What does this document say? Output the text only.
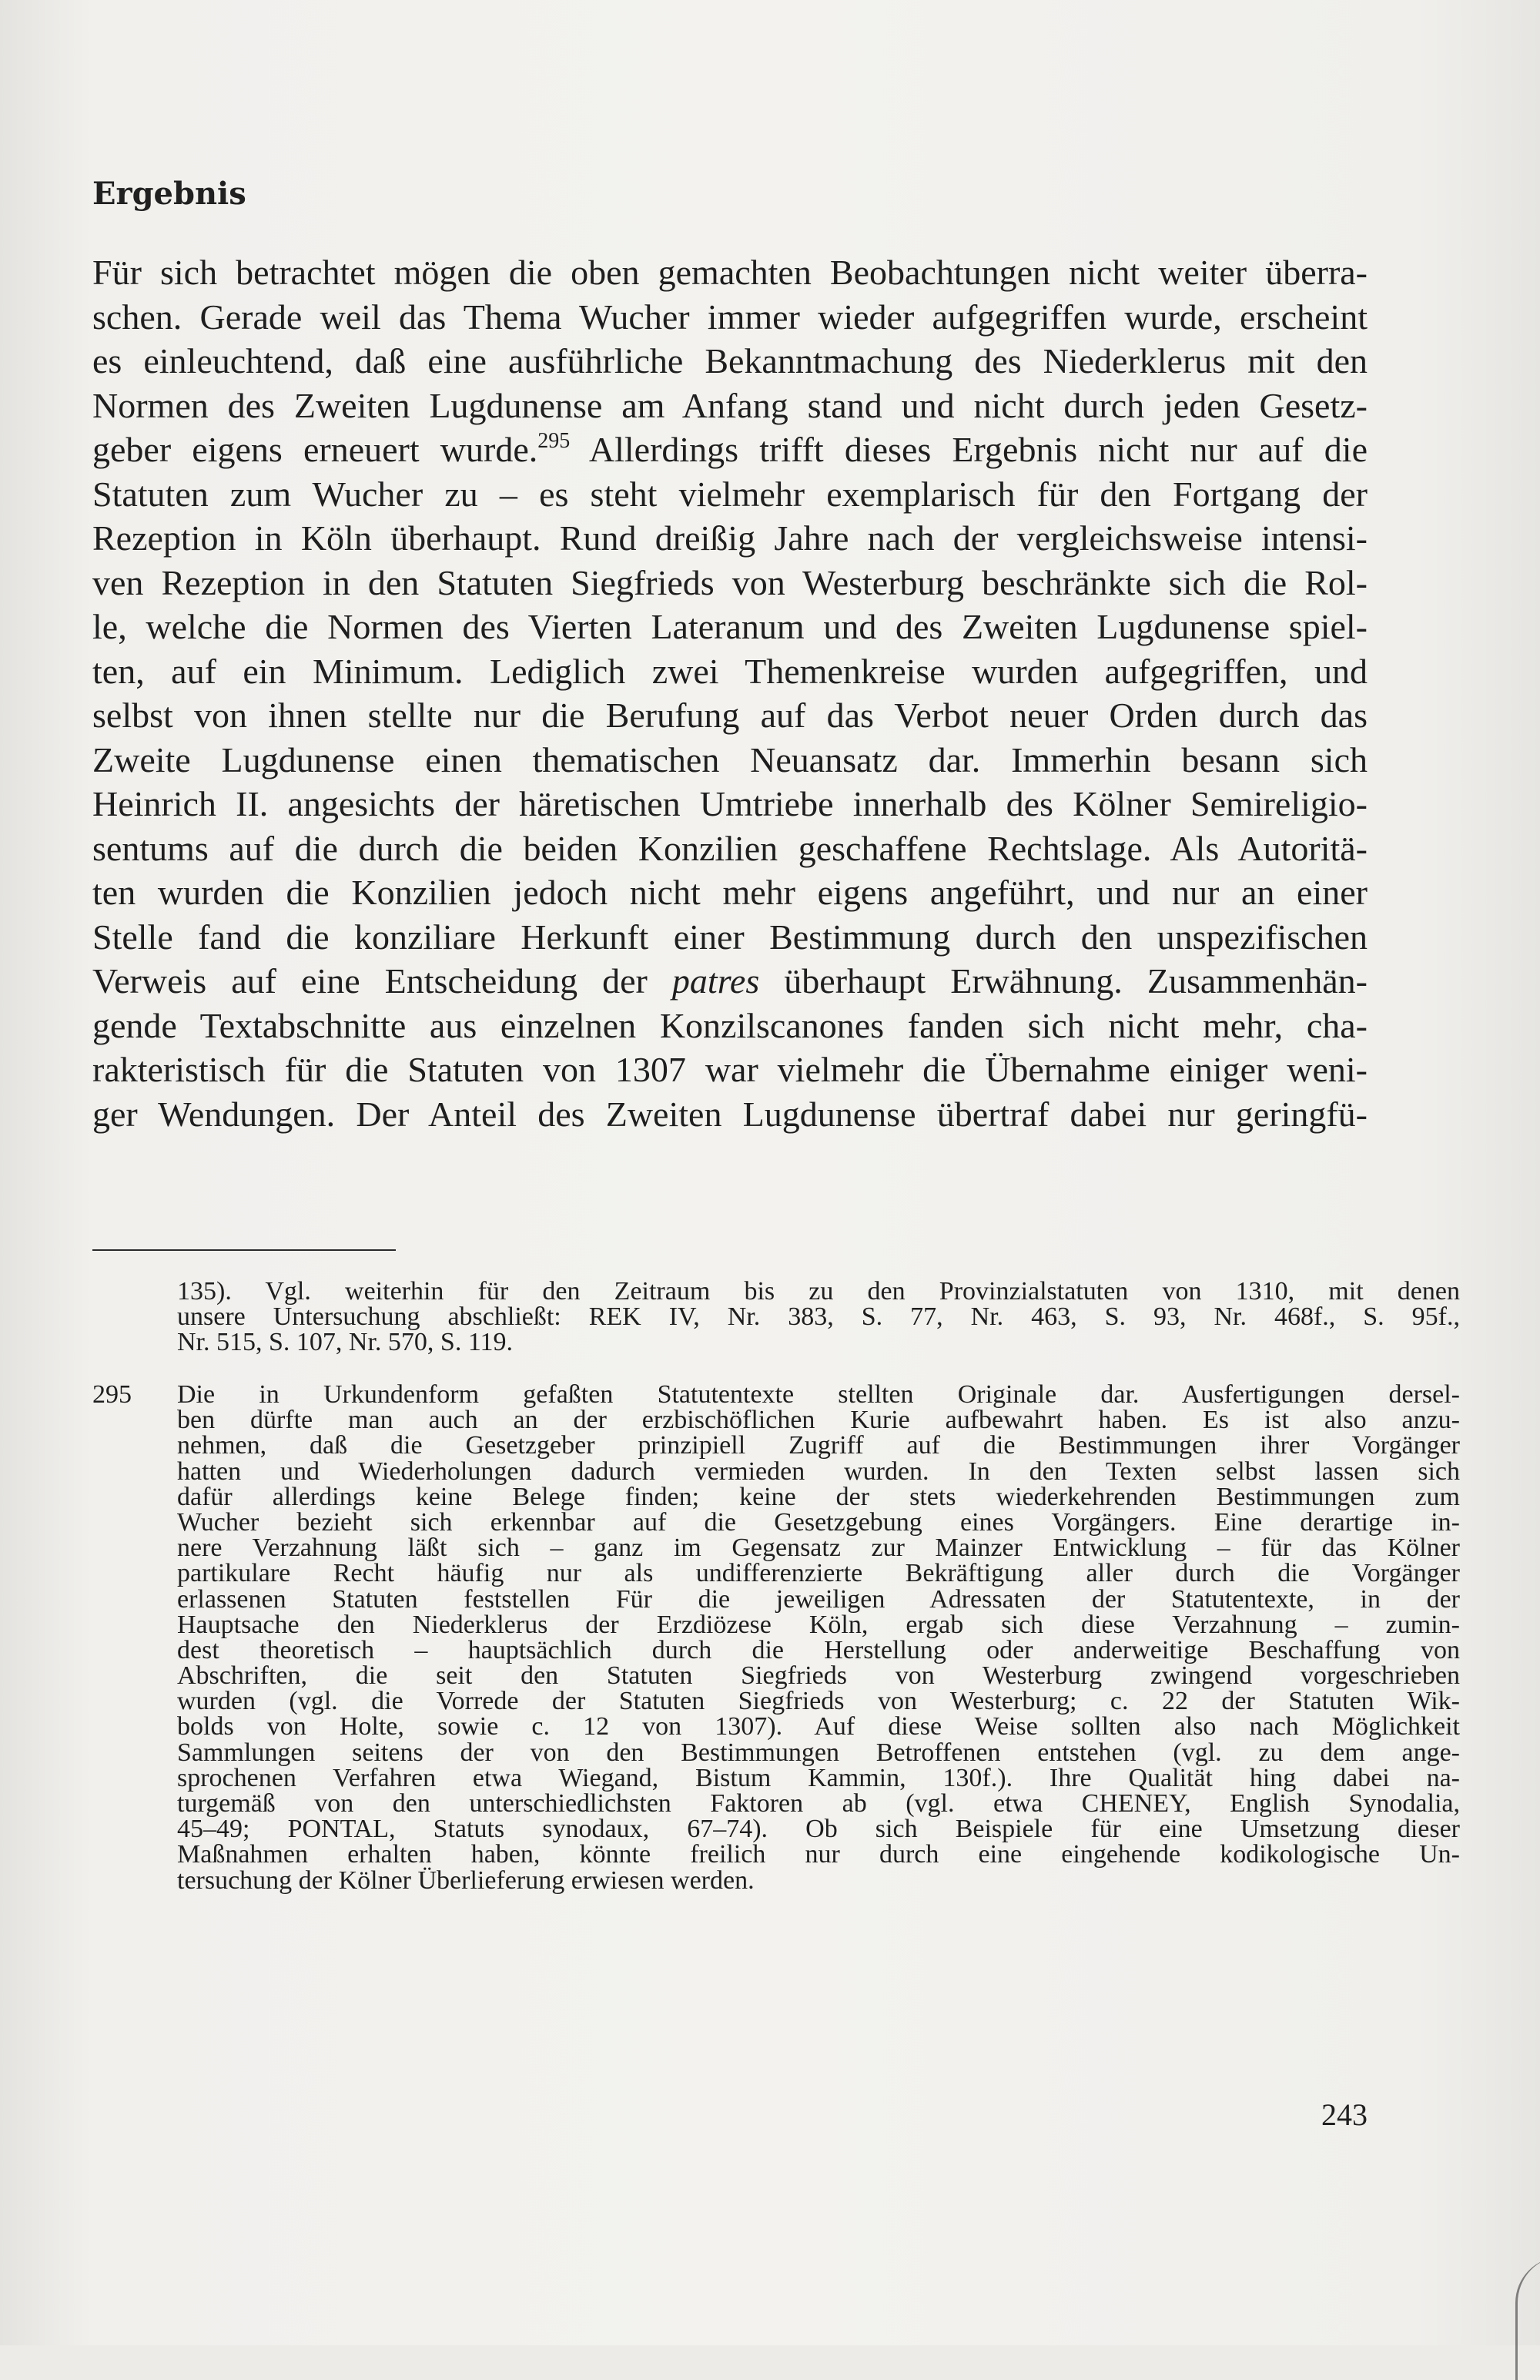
Ergebnis
Für sich betrachtet mögen die oben gemachten Beobachtungen nicht weiter überra-
schen. Gerade weil das Thema Wucher immer wieder aufgegriffen wurde, erscheint
es einleuchtend, daß eine ausführliche Bekanntmachung des Niederklerus mit den
Normen des Zweiten Lugdunense am Anfang stand und nicht durch jeden Gesetz-
geber eigens erneuert wurde.$^{295}$ Allerdings trifft dieses Ergebnis nicht nur auf die
Statuten zum Wucher zu – es steht vielmehr exemplarisch für den Fortgang der
Rezeption in Köln überhaupt. Rund dreißig Jahre nach der vergleichsweise intensi-
ven Rezeption in den Statuten Siegfrieds von Westerburg beschränkte sich die Rol-
le, welche die Normen des Vierten Lateranum und des Zweiten Lugdunense spiel-
ten, auf ein Minimum. Lediglich zwei Themenkreise wurden aufgegriffen, und
selbst von ihnen stellte nur die Berufung auf das Verbot neuer Orden durch das
Zweite Lugdunense einen thematischen Neuansatz dar. Immerhin besann sich
Heinrich II. angesichts der häretischen Umtriebe innerhalb des Kölner Semireligio-
sentums auf die durch die beiden Konzilien geschaffene Rechtslage. Als Autoritä-
ten wurden die Konzilien jedoch nicht mehr eigens angeführt, und nur an einer
Stelle fand die konziliare Herkunft einer Bestimmung durch den unspezifischen
Verweis auf eine Entscheidung der patres überhaupt Erwähnung. Zusammenhän-
gende Textabschnitte aus einzelnen Konzilscanones fanden sich nicht mehr, cha-
rakteristisch für die Statuten von 1307 war vielmehr die Übernahme einiger weni-
ger Wendungen. Der Anteil des Zweiten Lugdunense übertraf dabei nur geringfü-
135). Vgl. weiterhin für den Zeitraum bis zu den Provinzialstatuten von 1310, mit denen
unsere Untersuchung abschließt: REK IV, Nr. 383, S. 77, Nr. 463, S. 93, Nr. 468f., S. 95f.,
Nr. 515, S. 107, Nr. 570, S. 119.
295 Die in Urkundenform gefaßten Statutentexte stellten Originale dar. Ausfertigungen dersel-
ben dürfte man auch an der erzbischöflichen Kurie aufbewahrt haben. Es ist also anzu-
nehmen, daß die Gesetzgeber prinzipiell Zugriff auf die Bestimmungen ihrer Vorgänger
hatten und Wiederholungen dadurch vermieden wurden. In den Texten selbst lassen sich
dafür allerdings keine Belege finden; keine der stets wiederkehrenden Bestimmungen zum
Wucher bezieht sich erkennbar auf die Gesetzgebung eines Vorgängers. Eine derartige in-
nere Verzahnung läßt sich – ganz im Gegensatz zur Mainzer Entwicklung – für das Kölner
partikulare Recht häufig nur als undifferenzierte Bekräftigung aller durch die Vorgänger
erlassenen Statuten feststellen Für die jeweiligen Adressaten der Statutentexte, in der
Hauptsache den Niederklerus der Erzdiözese Köln, ergab sich diese Verzahnung – zumin-
dest theoretisch – hauptsächlich durch die Herstellung oder anderweitige Beschaffung von
Abschriften, die seit den Statuten Siegfrieds von Westerburg zwingend vorgeschrieben
wurden (vgl. die Vorrede der Statuten Siegfrieds von Westerburg; c. 22 der Statuten Wik-
bolds von Holte, sowie c. 12 von 1307). Auf diese Weise sollten also nach Möglichkeit
Sammlungen seitens der von den Bestimmungen Betroffenen entstehen (vgl. zu dem ange-
sprochenen Verfahren etwa Wiegand, Bistum Kammin, 130f.). Ihre Qualität hing dabei na-
turgemäß von den unterschiedlichsten Faktoren ab (vgl. etwa CHENEY, English Synodalia,
45–49; PONTAL, Statuts synodaux, 67–74). Ob sich Beispiele für eine Umsetzung dieser
Maßnahmen erhalten haben, könnte freilich nur durch eine eingehende kodikologische Un-
tersuchung der Kölner Überlieferung erwiesen werden.
243
